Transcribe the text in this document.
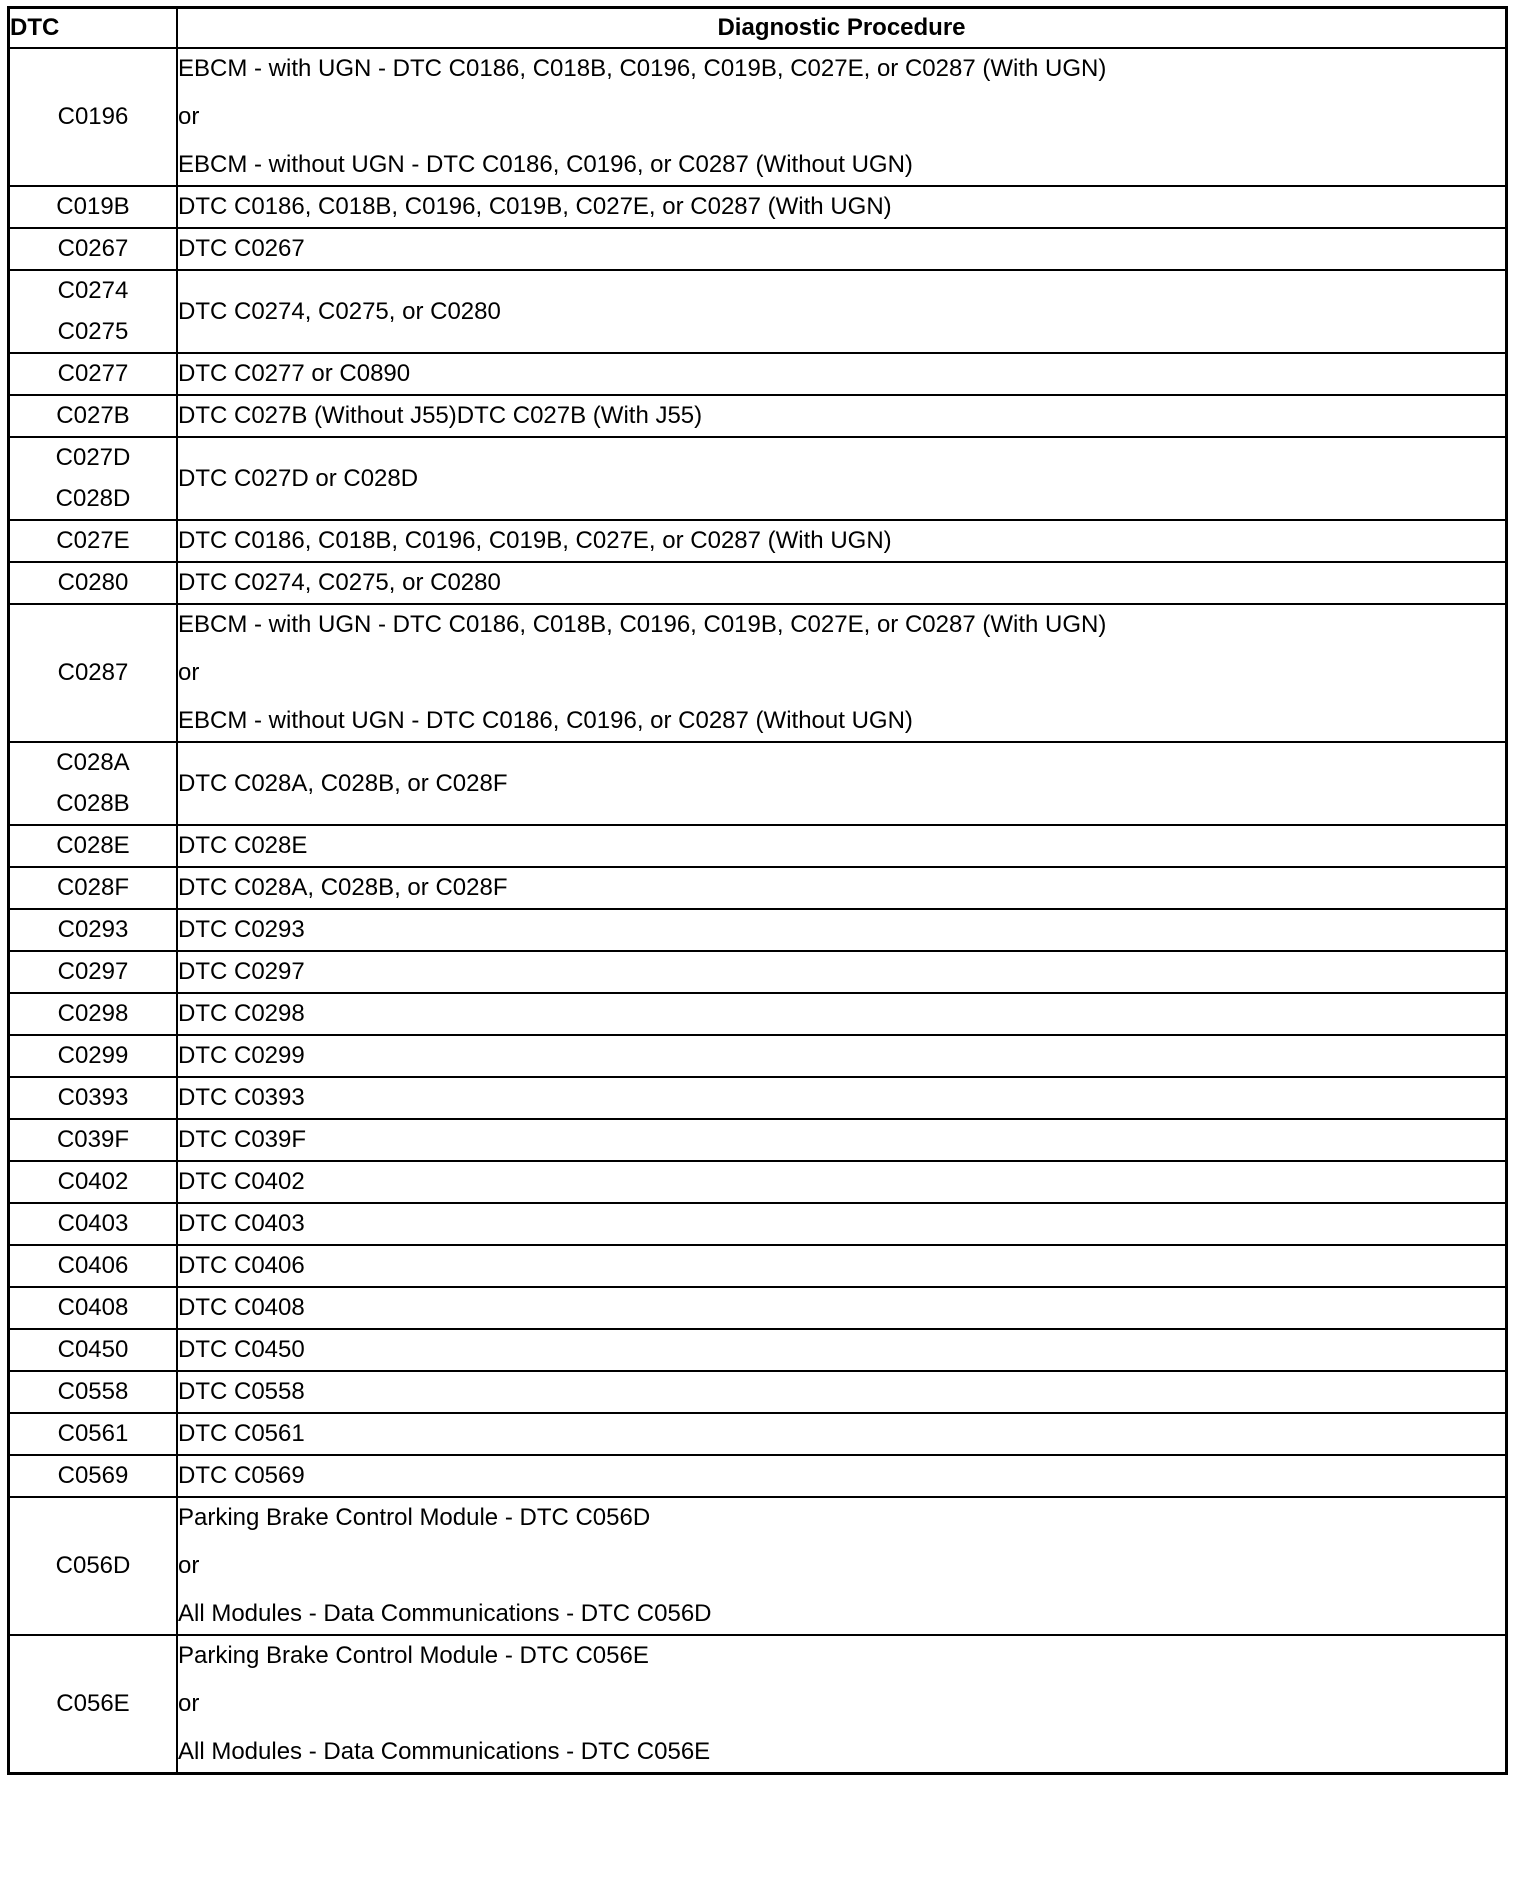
DTC	Diagnostic Procedure

C0196	EBCM - with UGN - DTC C0186, C018B, C0196, C019B, C027E, or C0287 (With UGN)
or
EBCM - without UGN - DTC C0186, C0196, or C0287 (Without UGN)

C019B	DTC C0186, C018B, C0196, C019B, C027E, or C0287 (With UGN)

C0267	DTC C0267

C0274
C0275	DTC C0274, C0275, or C0280

C0277	DTC C0277 or C0890

C027B	DTC C027B (Without J55)DTC C027B (With J55)

C027D
C028D	DTC C027D or C028D

C027E	DTC C0186, C018B, C0196, C019B, C027E, or C0287 (With UGN)

C0280	DTC C0274, C0275, or C0280

C0287	EBCM - with UGN - DTC C0186, C018B, C0196, C019B, C027E, or C0287 (With UGN)
or
EBCM - without UGN - DTC C0186, C0196, or C0287 (Without UGN)

C028A
C028B	DTC C028A, C028B, or C028F

C028E	DTC C028E

C028F	DTC C028A, C028B, or C028F

C0293	DTC C0293

C0297	DTC C0297

C0298	DTC C0298

C0299	DTC C0299

C0393	DTC C0393

C039F	DTC C039F

C0402	DTC C0402

C0403	DTC C0403

C0406	DTC C0406

C0408	DTC C0408

C0450	DTC C0450

C0558	DTC C0558

C0561	DTC C0561

C0569	DTC C0569

C056D	Parking Brake Control Module - DTC C056D
or
All Modules - Data Communications - DTC C056D

C056E	Parking Brake Control Module - DTC C056E
or
All Modules - Data Communications - DTC C056E
